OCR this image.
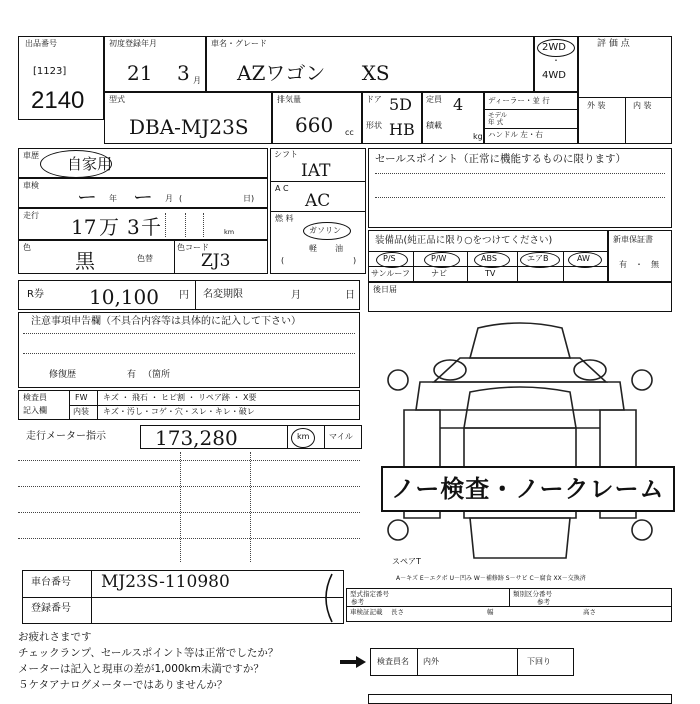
出品番号
[1123]
2140
初度登録年月
21 3 月
車名・グレード
AZワゴン XS
2WD
・
4WD
評 価 点
外 装	内 装
型式
DBA-MJ23S
排気量
660 cc
ドア 5D
形状 HB
定員 4
積載
kg
ディーラー・並 行
モデル
年 式
ハンドル 左・右
車歴 自家用
車検 ー 年 ー 月 (	日)
走行 17 万 3 千	km
色
黒	色替
色コード
ZJ3
シフト
IAT
A C
AC
燃 料
ガソリン
軽 油
(	)
セールスポイント（正常に機能するものに限ります）
装備品(純正品に限り○をつけてください)
P/S	P/W	ABS	エアB	AW
サンルーフ	ナビ	TV
新車保証書
有 ・ 無
R券 10,100 円 名変期限	月	日
後日届
注意事項申告欄（不具合内容等は具体的に記入して下さい）
修復歴	有 （箇所
検査員
記入欄
FW キズ ・ 飛石 ・ ヒビ割 ・ リペア跡 ・ X要
内装 キズ・汚し・コゲ・穴・スレ・キレ・破レ
走行メーター指示 173,280	km マイル
ノー検査・ノークレーム
スペアT
A－キズ E－エクボ U－凹み W－補修跡 S－サビ C－腐食 XX－交換済
車台番号 MJ23S-110980
登録番号
型式指定番号
参考
類別区分番号
参考
車検証記載 長さ	幅	高さ
お疲れさまです
チェックランプ、セールスポイント等は正常でしたか？
メーターは記入と現車の差が1,000km未満ですか？
５ケタアナログメーターではありませんか？
検査員名 内外	下回り
